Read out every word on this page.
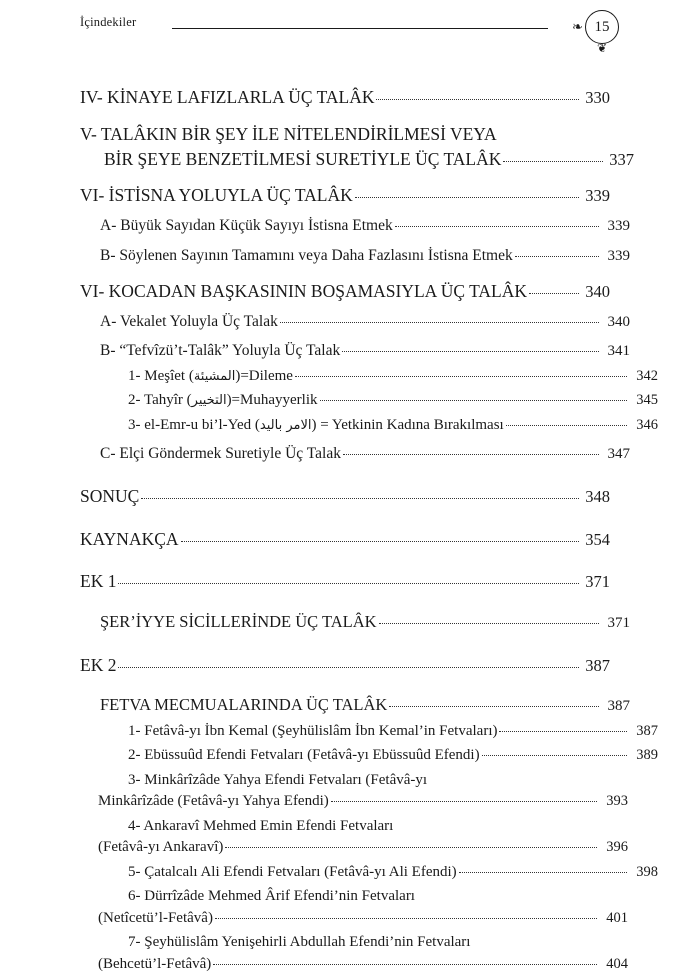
İçindekiler	❧ 15
❦
IV- KİNAYE LAFIZLARLA ÜÇ TALÂK	330
V- TALÂKIN BİR ŞEY İLE NİTELENDİRİLMESİ VEYA
BİR ŞEYE BENZETİLMESİ SURETİYLE ÜÇ TALÂK	337
VI- İSTİSNA YOLUYLA ÜÇ TALÂK	339
A- Büyük Sayıdan Küçük Sayıyı İstisna Etmek	339
B- Söylenen Sayının Tamamını veya Daha Fazlasını İstisna Etmek	339
VI- KOCADAN BAŞKASININ BOŞAMASIYLA ÜÇ TALÂK	340
A- Vekalet Yoluyla Üç Talak	340
B- “Tefvîzü’t-Talâk” Yoluyla Üç Talak	341
1- Meşîet ( المشيئة )=Dileme	342
2- Tahyîr ( التخيير )=Muhayyerlik	345
3- el-Emr-u bi’l-Yed ( الامر باليد ) = Yetkinin Kadına Bırakılması	346
C- Elçi Göndermek Suretiyle Üç Talak	347
SONUÇ	348
KAYNAKÇA	354
EK 1	371
ŞER’İYYE SİCİLLERİNDE ÜÇ TALÂK	371
EK 2	387
FETVA MECMUALARINDA ÜÇ TALÂK	387
1- Fetâvâ-yı İbn Kemal (Şeyhülislâm İbn Kemal’in Fetvaları)	387
2- Ebüssuûd Efendi Fetvaları (Fetâvâ-yı Ebüssuûd Efendi)	389
3- Minkârîzâde Yahya Efendi Fetvaları (Fetâvâ-yı
Minkârîzâde (Fetâvâ-yı Yahya Efendi)	393
4- Ankaravî Mehmed Emin Efendi Fetvaları
(Fetâvâ-yı Ankaravî)	396
5- Çatalcalı Ali Efendi Fetvaları (Fetâvâ-yı Ali Efendi)	398
6- Dürrîzâde Mehmed Ârif Efendi’nin Fetvaları
(Netîcetü’l-Fetâvâ)	401
7- Şeyhülislâm Yenişehirli Abdullah Efendi’nin Fetvaları
(Behcetü’l-Fetâvâ)	404
